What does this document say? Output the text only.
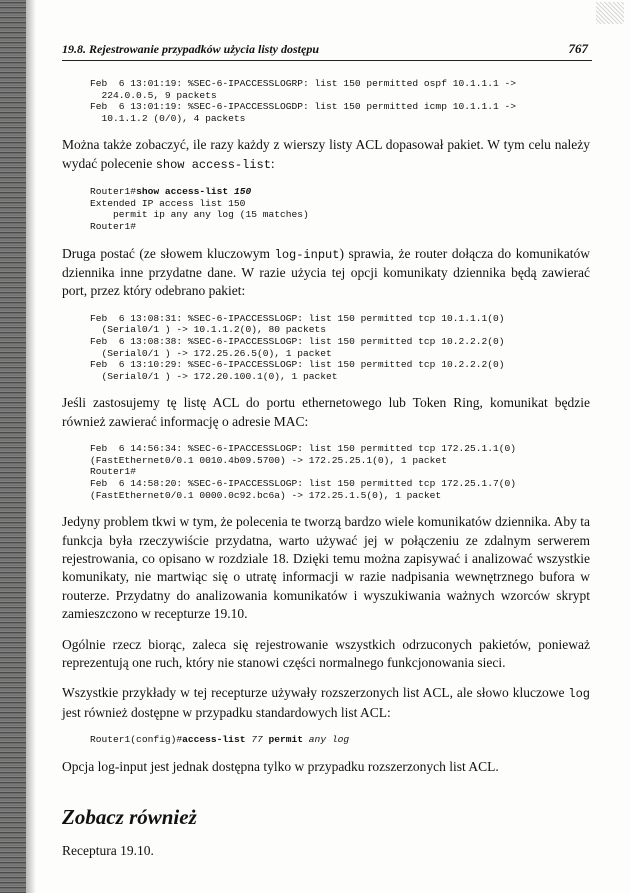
19.8. Rejestrowanie przypadków użycia listy dostępu	767
Feb  6 13:01:19: %SEC-6-IPACCESSLOGRP: list 150 permitted ospf 10.1.1.1 ->
224.0.0.5, 9 packets
Feb  6 13:01:19: %SEC-6-IPACCESSLOGDP: list 150 permitted icmp 10.1.1.1 ->
10.1.1.2 (0/0), 4 packets

Można także zobaczyć, ile razy każdy z wierszy listy ACL dopasował pakiet. W tym celu należy wydać polecenie show access-list:

Router1#show access-list 150
Extended IP access list 150
permit ip any any log (15 matches)
Router1#

Druga postać (ze słowem kluczowym log-input) sprawia, że router dołącza do komunikatów dziennika inne przydatne dane. W razie użycia tej opcji komunikaty dziennika będą zawierać port, przez który odebrano pakiet:

Feb  6 13:08:31: %SEC-6-IPACCESSLOGP: list 150 permitted tcp 10.1.1.1(0)
(Serial0/1 ) -> 10.1.1.2(0), 80 packets
Feb  6 13:08:38: %SEC-6-IPACCESSLOGP: list 150 permitted tcp 10.2.2.2(0)
(Serial0/1 ) -> 172.25.26.5(0), 1 packet
Feb  6 13:10:29: %SEC-6-IPACCESSLOGP: list 150 permitted tcp 10.2.2.2(0)
(Serial0/1 ) -> 172.20.100.1(0), 1 packet

Jeśli zastosujemy tę listę ACL do portu ethernetowego lub Token Ring, komunikat będzie również zawierać informację o adresie MAC:

Feb  6 14:56:34: %SEC-6-IPACCESSLOGP: list 150 permitted tcp 172.25.1.1(0)
(FastEthernet0/0.1 0010.4b09.5700) -> 172.25.25.1(0), 1 packet
Router1#
Feb  6 14:58:20: %SEC-6-IPACCESSLOGP: list 150 permitted tcp 172.25.1.7(0)
(FastEthernet0/0.1 0000.0c92.bc6a) -> 172.25.1.5(0), 1 packet

Jedyny problem tkwi w tym, że polecenia te tworzą bardzo wiele komunikatów dziennika. Aby ta funkcja była rzeczywiście przydatna, warto używać jej w połączeniu ze zdalnym serwerem rejestrowania, co opisano w rozdziale 18. Dzięki temu można zapisywać i analizować wszystkie komunikaty, nie martwiąc się o utratę informacji w razie nadpisania wewnętrznego bufora w routerze. Przydatny do analizowania komunikatów i wyszukiwania ważnych wzorców skrypt zamieszczono w recepturze 19.10.

Ogólnie rzecz biorąc, zaleca się rejestrowanie wszystkich odrzuconych pakietów, ponieważ reprezentują one ruch, który nie stanowi części normalnego funkcjonowania sieci.

Wszystkie przykłady w tej recepturze używały rozszerzonych list ACL, ale słowo kluczowe log jest również dostępne w przypadku standardowych list ACL:

Router1(config)#access-list 77 permit any log

Opcja log-input jest jednak dostępna tylko w przypadku rozszerzonych list ACL.

Zobacz również

Receptura 19.10.
